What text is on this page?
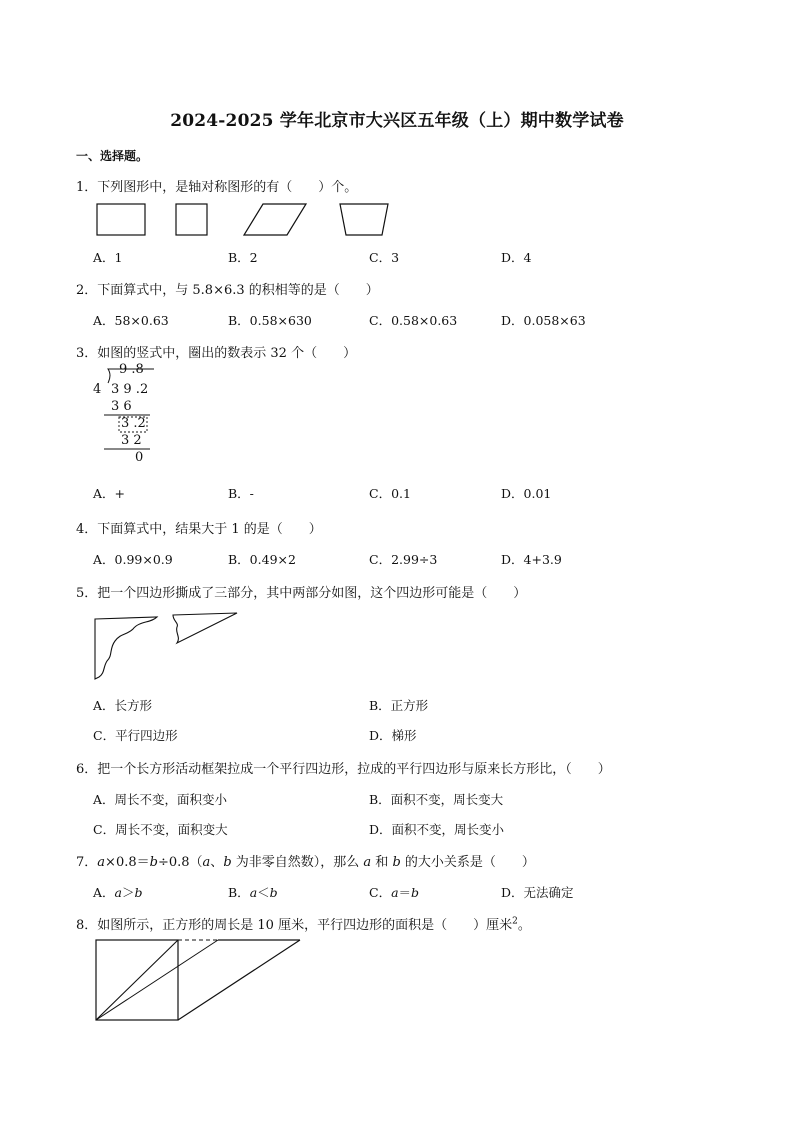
2024-2025 学年北京市大兴区五年级（上）期中数学试卷
一、选择题。
1．下列图形中，是轴对称图形的有（　　）个。
A．1	B．2	C．3	D．4
2．下面算式中，与 5.8×6.3 的积相等的是（　　）
A．58×0.63	B．0.58×630	C．0.58×0.63	D．0.058×63
3．如图的竖式中，圈出的数表示 32 个（　　）
9 .8
4 3 9 .2
3 6
3 .2
3 2
0
A．+	B．-	C．0.1	D．0.01
4．下面算式中，结果大于 1 的是（　　）
A．0.99×0.9	B．0.49×2	C．2.99÷3	D．4+3.9
5．把一个四边形撕成了三部分，其中两部分如图，这个四边形可能是（　　）
A．长方形	B．正方形
C．平行四边形	D．梯形
6．把一个长方形活动框架拉成一个平行四边形，拉成的平行四边形与原来长方形比，（　　）
A．周长不变，面积变小	B．面积不变，周长变大
C．周长不变，面积变大	D．面积不变，周长变小
7．a×0.8＝b÷0.8（a、b 为非零自然数），那么 a 和 b 的大小关系是（　　）
A．a＞b	B．a＜b	C．a＝b	D．无法确定
8．如图所示，正方形的周长是 10 厘米，平行四边形的面积是（　　）厘米$^2$。
